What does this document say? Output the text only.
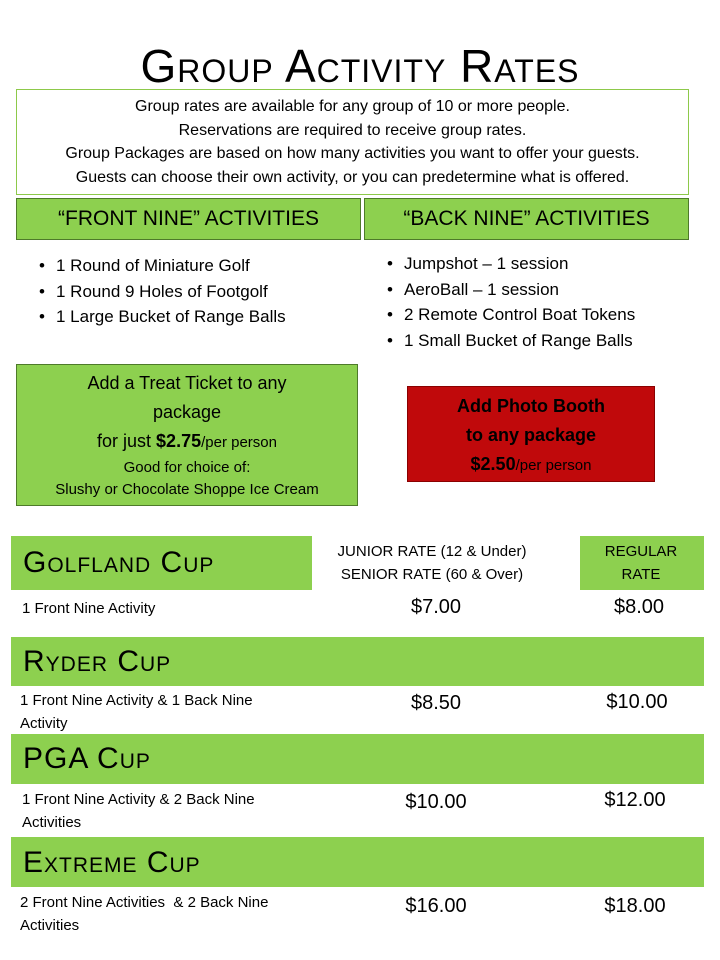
Group Activity Rates
Group rates are available for any group of 10 or more people.
Reservations are required to receive group rates.
Group Packages are based on how many activities you want to offer your guests.
Guests can choose their own activity, or you can predetermine what is offered.
“FRONT NINE” ACTIVITIES	“BACK NINE” ACTIVITIES
• 1 Round of Miniature Golf
• 1 Round 9 Holes of Footgolf
• 1 Large Bucket of Range Balls
• Jumpshot – 1 session
• AeroBall – 1 session
• 2 Remote Control Boat Tokens
• 1 Small Bucket of Range Balls
Add a Treat Ticket to any
package
for just $2.75/per person
Good for choice of:
Slushy or Chocolate Shoppe Ice Cream
Add Photo Booth
to any package
$2.50/per person
Golfland Cup	JUNIOR RATE (12 & Under)
SENIOR RATE (60 & Over)
REGULAR
RATE
1 Front Nine Activity	$7.00	$8.00
Ryder Cup
1 Front Nine Activity & 1 Back Nine
Activity
$8.50	$10.00
PGA Cup
1 Front Nine Activity & 2 Back Nine
Activities
$10.00	$12.00
Extreme Cup
2 Front Nine Activities  & 2 Back Nine
Activities
$16.00	$18.00
